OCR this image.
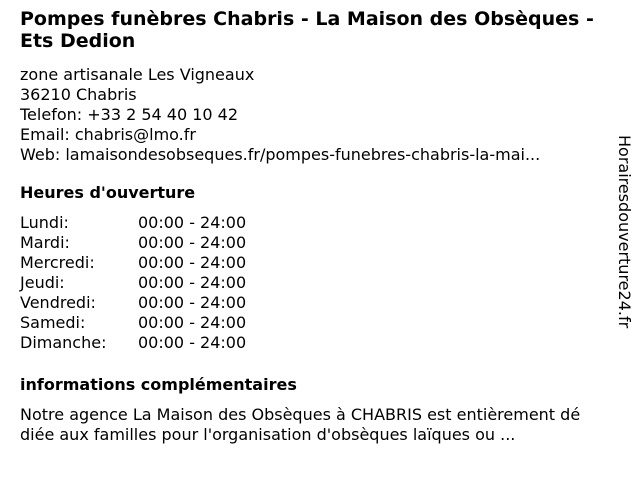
Pompes funèbres Chabris - La Maison des Obsèques -
Ets Dedion
zone artisanale Les Vigneaux
36210 Chabris
Telefon: +33 2 54 40 10 42
Email: chabris@lmo.fr
Web: lamaisondesobseques.fr/pompes-funebres-chabris-la-mai...
Heures d'ouverture
Lundi:	00:00 - 24:00
Mardi:	00:00 - 24:00
Mercredi:	00:00 - 24:00
Jeudi:	00:00 - 24:00
Vendredi:	00:00 - 24:00
Samedi:	00:00 - 24:00
Dimanche: 00:00 - 24:00
informations complémentaires
Notre agence La Maison des Obsèques à CHABRIS est entièrement dé
diée aux familles pour l'organisation d'obsèques laïques ou ...
Horairesdouverture24.fr
